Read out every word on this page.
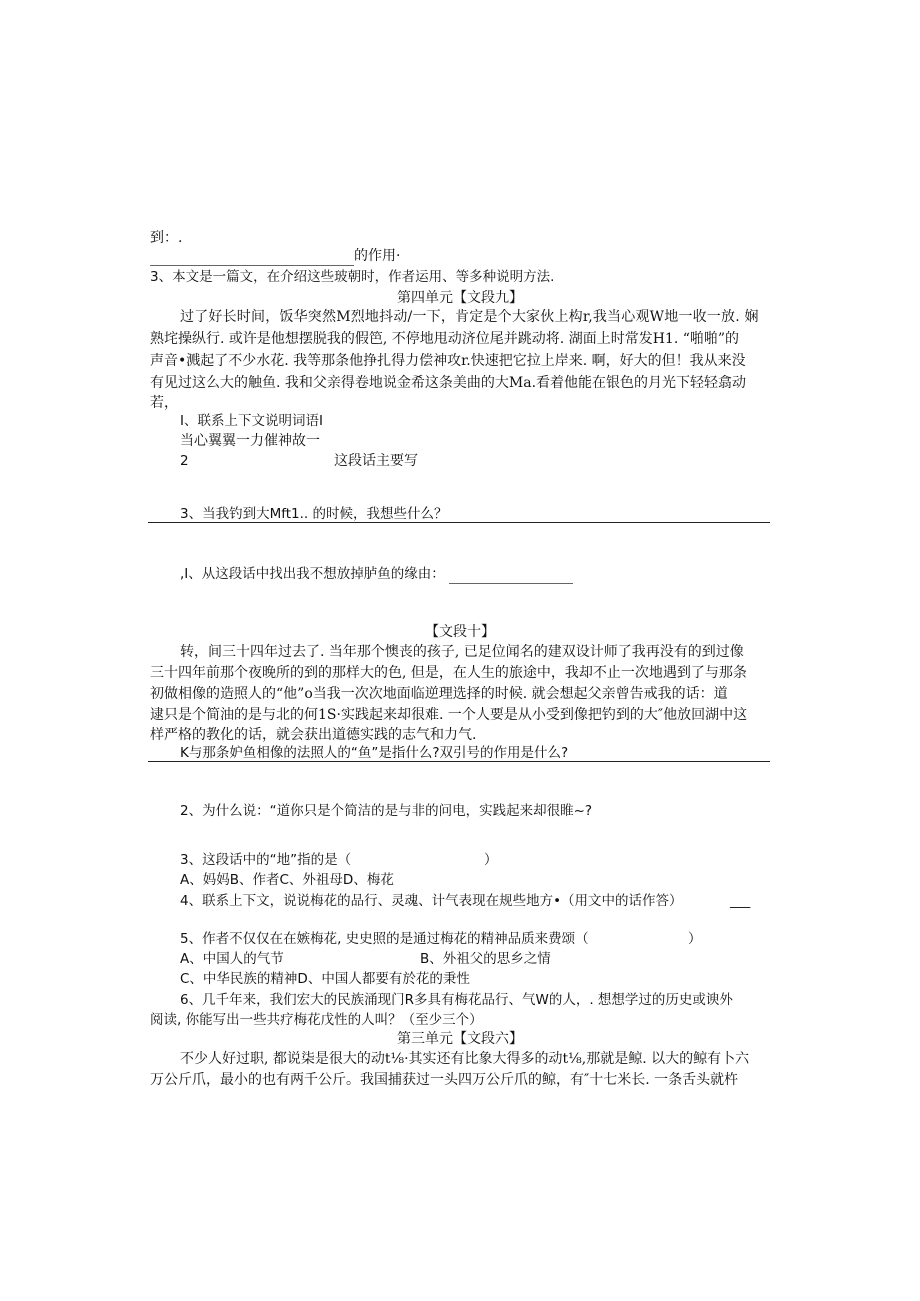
到：.
的作用·
3、本文是一篇文，在介绍这些玻朝时，作者运用、等多种说明方法.
第四单元【文段九】
过了好长时间，饭华突然M烈地抖动/一下，肯定是个大家伙上构r,我当心观W地一收一放. 娴
熟垞操纵行. 或许是他想摆脱我的假笆, 不停地甩动济位尾并跳动将. 湖面上时常发H1. “啪啪”的
声音•溅起了不少水花. 我等那条他挣扎得力偿神攻r.快速把它拉上岸来. 啊，好大的但！我从来没
有见过这么大的触鱼. 我和父亲得卷地说金希这条美曲的大Ma.看着他能在银色的月光下轻轻翕动
若，
I、联系上下文说明词语I
当心翼翼一力催神故一
2	这段话主要写
3、当我钓到大Mft1.. 的时候，我想些什么？
,I、从这段话中找出我不想放掉胪鱼的缘由：
【文段十】
转，间三十四年过去了. 当年那个懊丧的孩子, 已足位闻名的建双设计师了我再没有的到过像
三十四年前那个夜晚所的到的那样大的色, 但是，在人生的旅途中，我却不止一次地遇到了与那条
初做相像的造照人的“他”o当我一次次地面临逆理选择的时候. 就会想起父亲曾告戒我的话：道
逮只是个简油的是与北的何1S·实践起来却很难. 一个人要是从小受到像把钓到的大″他放回湖中这
样严格的教化的话，就会获出道德实践的志气和力气.
K与那条妒鱼相像的法照人的“鱼”是指什么?双引号的作用是什么?
2、为什么说：“道你只是个简洁的是与非的问电，实践起来却很睢~?
3、这段话中的“地”指的是（	）
A、妈妈B、作者C、外祖母D、梅花
4、联系上下文，说说梅花的品行、灵魂、计气表现在规些地方•（用文中的话作答）	___
5、作者不仅仅在在嫉梅花, 史史照的是通过梅花的精神品质来费颂（	）
A、中国人的气节	B、外祖父的思乡之情
C、中华民族的精神D、中国人都要有於花的秉性
6、几千年来，我们宏大的民族涌现门R多具有梅花品行、气W的人，. 想想学过的历史或谀外
阅读, 你能写出一些共疗梅花戊性的人叫？（至少三个）
第三单元【文段六】
不少人好过职, 都说柒是很大的动t⅛·其实还有比象大得多的动t⅛,那就是鲸. 以大的鲸有卜六
万公斤爪，最小的也有两千公斤。我国捕获过一头四万公斤爪的鲸，有″十七米长. 一条舌头就杵
